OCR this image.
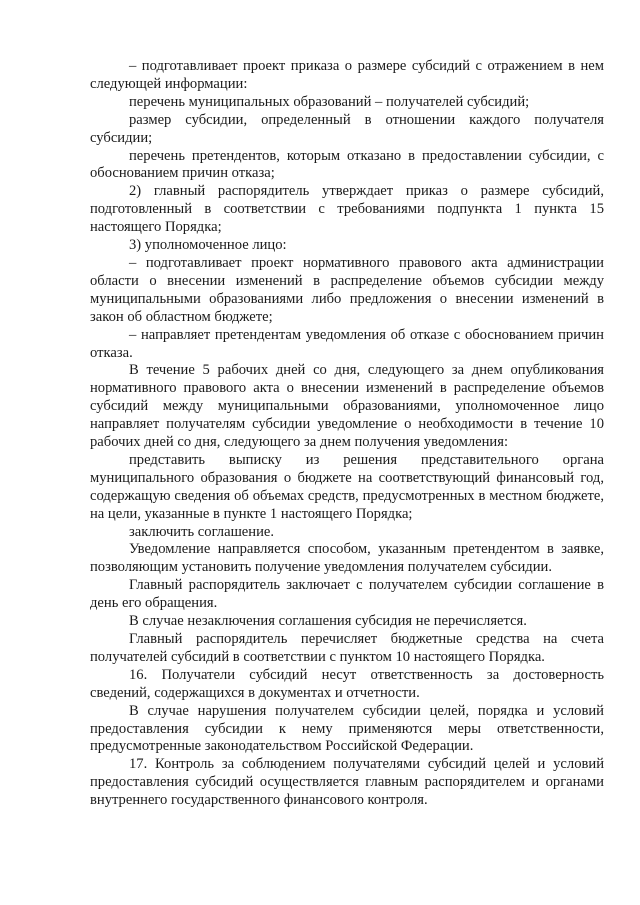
– подготавливает проект приказа о размере субсидий с отражением в нем следующей информации:

перечень муниципальных образований – получателей субсидий;

размер субсидии, определенный в отношении каждого получателя субсидии;

перечень претендентов, которым отказано в предоставлении субсидии, с обоснованием причин отказа;

2) главный распорядитель утверждает приказ о размере субсидий, подготовленный в соответствии с требованиями подпункта 1 пункта 15 настоящего Порядка;

3) уполномоченное лицо:

– подготавливает проект нормативного правового акта администрации области о внесении изменений в распределение объемов субсидии между муниципальными образованиями либо предложения о внесении изменений в закон об областном бюджете;

– направляет претендентам уведомления об отказе с обоснованием причин отказа.

В течение 5 рабочих дней со дня, следующего за днем опубликования нормативного правового акта о внесении изменений в распределение объемов субсидий между муниципальными образованиями, уполномоченное лицо направляет получателям субсидии уведомление о необходимости в течение 10 рабочих дней со дня, следующего за днем получения уведомления:

представить выписку из решения представительного органа муниципального образования о бюджете на соответствующий финансовый год, содержащую сведения об объемах средств, предусмотренных в местном бюджете, на цели, указанные в пункте 1 настоящего Порядка;

заключить соглашение.

Уведомление направляется способом, указанным претендентом в заявке, позволяющим установить получение уведомления получателем субсидии.

Главный распорядитель заключает с получателем субсидии соглашение в день его обращения.

В случае незаключения соглашения субсидия не перечисляется.

Главный распорядитель перечисляет бюджетные средства на счета получателей субсидий в соответствии с пунктом 10 настоящего Порядка.

16. Получатели субсидий несут ответственность за достоверность сведений, содержащихся в документах и отчетности.

В случае нарушения получателем субсидии целей, порядка и условий предоставления субсидии к нему применяются меры ответственности, предусмотренные законодательством Российской Федерации.

17. Контроль за соблюдением получателями субсидий целей и условий предоставления субсидий осуществляется главным распорядителем и органами внутреннего государственного финансового контроля.
